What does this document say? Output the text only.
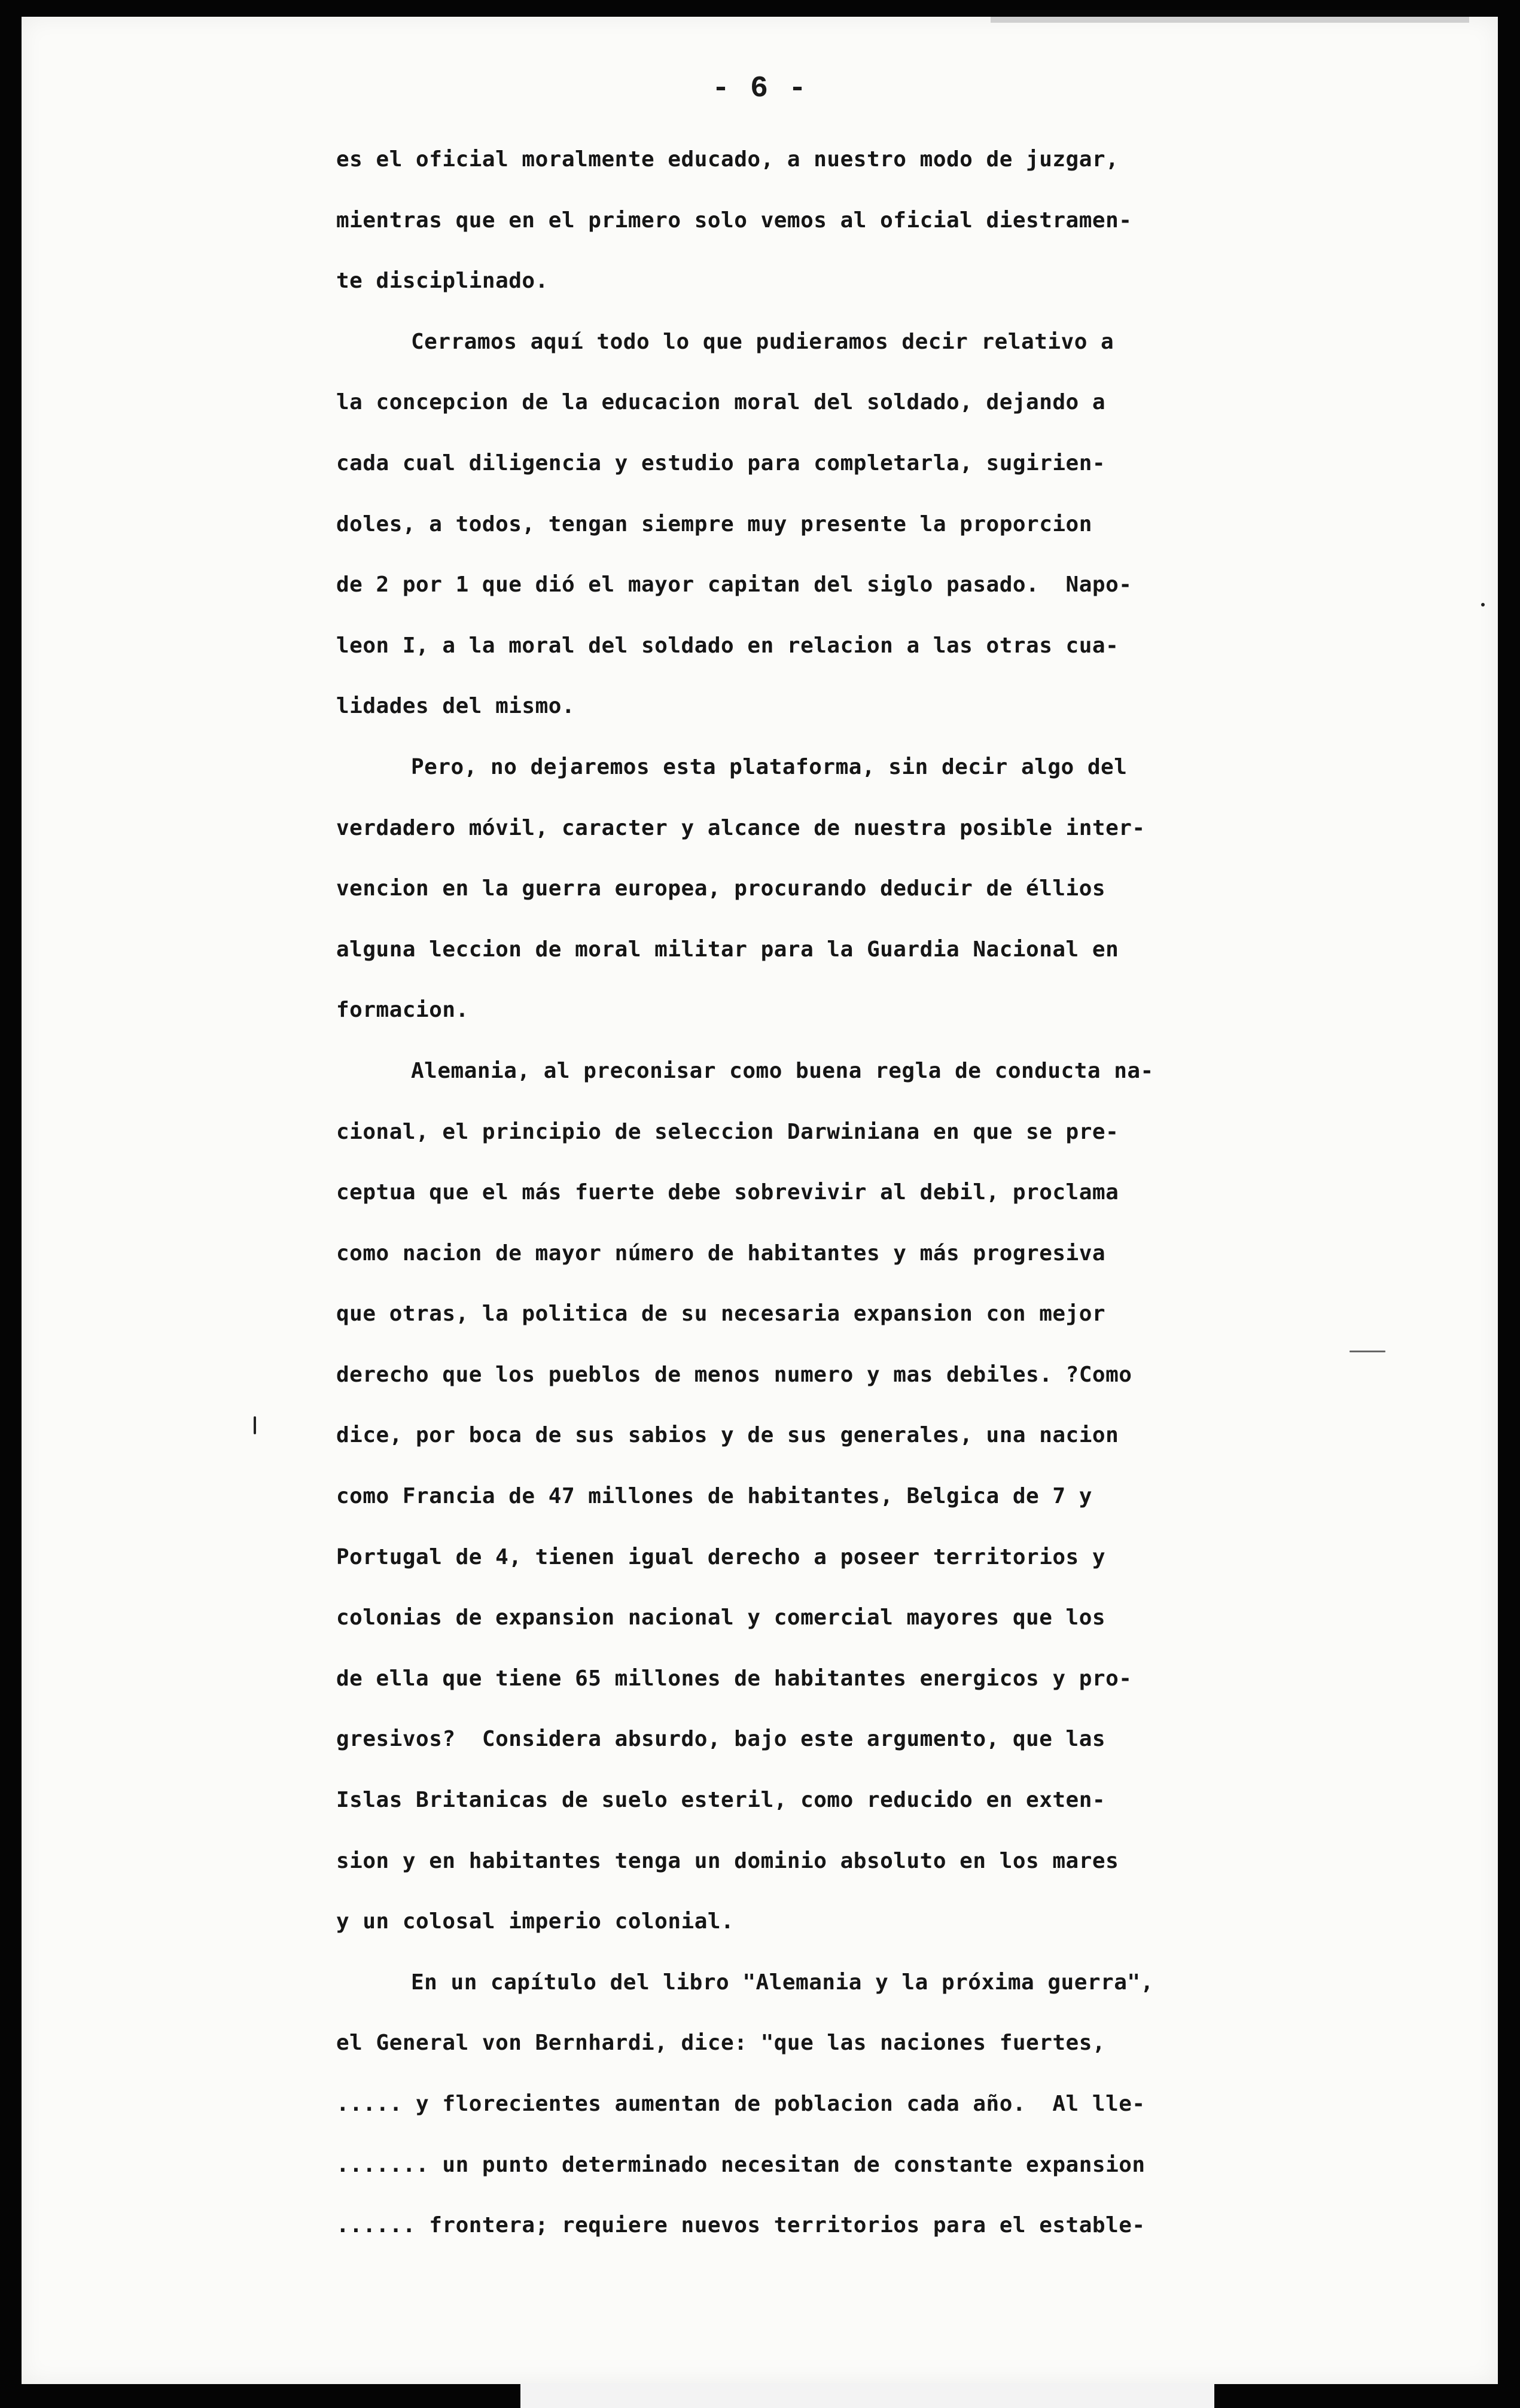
- 6 -
es el oficial moralmente educado, a nuestro modo de juzgar,
mientras que en el primero solo vemos al oficial diestramen-
te disciplinado.
Cerramos aquí todo lo que pudieramos decir relativo a
la concepcion de la educacion moral del soldado, dejando a
cada cual diligencia y estudio para completarla, sugirien-
doles, a todos, tengan siempre muy presente la proporcion
de 2 por 1 que dió el mayor capitan del siglo pasado.  Napo-
leon I, a la moral del soldado en relacion a las otras cua-
lidades del mismo.
Pero, no dejaremos esta plataforma, sin decir algo del
verdadero móvil, caracter y alcance de nuestra posible inter-
vencion en la guerra europea, procurando deducir de éllios
alguna leccion de moral militar para la Guardia Nacional en
formacion.
Alemania, al preconisar como buena regla de conducta na-
cional, el principio de seleccion Darwiniana en que se pre-
ceptua que el más fuerte debe sobrevivir al debil, proclama
como nacion de mayor número de habitantes y más progresiva
que otras, la politica de su necesaria expansion con mejor
derecho que los pueblos de menos numero y mas debiles. ?Como
dice, por boca de sus sabios y de sus generales, una nacion
como Francia de 47 millones de habitantes, Belgica de 7 y
Portugal de 4, tienen igual derecho a poseer territorios y
colonias de expansion nacional y comercial mayores que los
de ella que tiene 65 millones de habitantes energicos y pro-
gresivos?  Considera absurdo, bajo este argumento, que las
Islas Britanicas de suelo esteril, como reducido en exten-
sion y en habitantes tenga un dominio absoluto en los mares
y un colosal imperio colonial.
En un capítulo del libro "Alemania y la próxima guerra",
el General von Bernhardi, dice: "que las naciones fuertes,
..... y florecientes aumentan de poblacion cada año.  Al lle-
....... un punto determinado necesitan de constante expansion
...... frontera; requiere nuevos territorios para el estable-
